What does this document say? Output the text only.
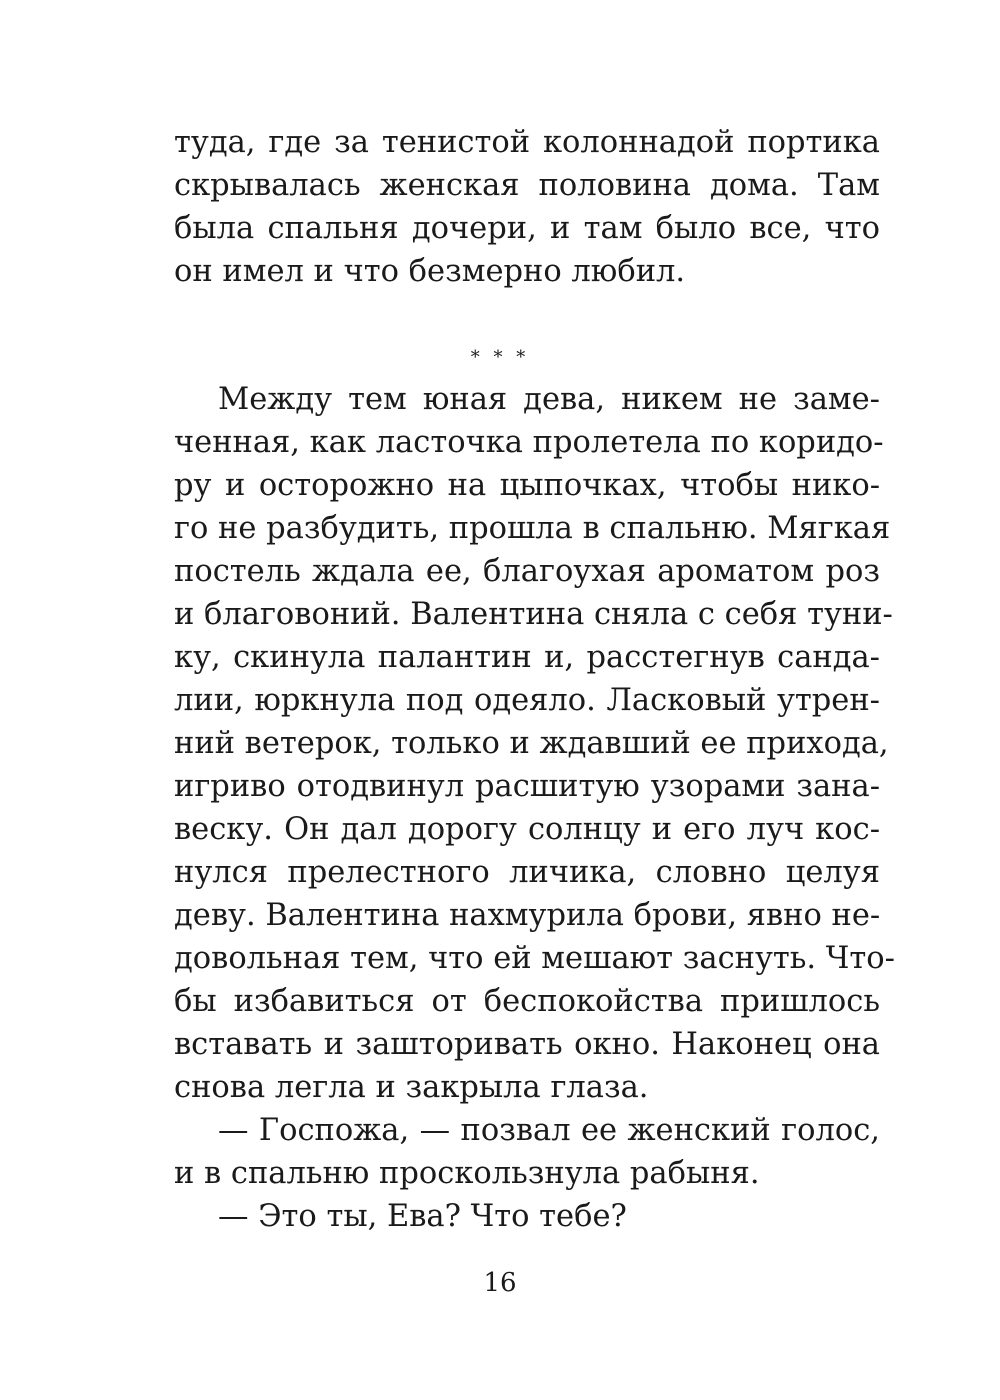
туда, где за тенистой колоннадой портика
скрывалась женская половина дома. Там
была спальня дочери, и там было все, что
он имел и что безмерно любил.
* * *
Между тем юная дева, никем не заме-
ченная, как ласточка пролетела по коридо-
ру и осторожно на цыпочках, чтобы нико-
го не разбудить, прошла в спальню. Мягкая
постель ждала ее, благоухая ароматом роз
и благовоний. Валентина сняла с себя туни-
ку, скинула палантин и, расстегнув санда-
лии, юркнула под одеяло. Ласковый утрен-
ний ветерок, только и ждавший ее прихода,
игриво отодвинул расшитую узорами зана-
веску. Он дал дорогу солнцу и его луч кос-
нулся прелестного личика, словно целуя
деву. Валентина нахмурила брови, явно не-
довольная тем, что ей мешают заснуть. Что-
бы избавиться от беспокойства пришлось
вставать и зашторивать окно. Наконец она
снова легла и закрыла глаза.
— Госпожа, — позвал ее женский голос,
и в спальню проскользнула рабыня.
— Это ты, Ева? Что тебе?
16
